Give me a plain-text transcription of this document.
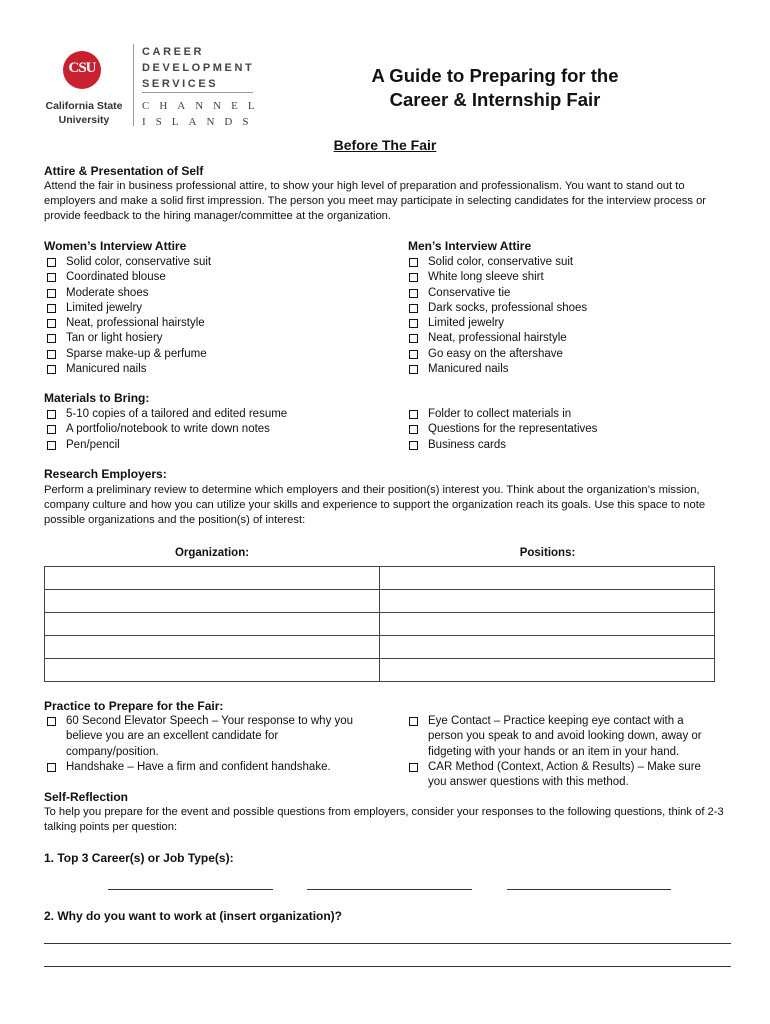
CSU
California State
University
CAREER
DEVELOPMENT
SERVICES
CHANNEL
ISLANDS
A Guide to Preparing for the
Career & Internship Fair
Before The Fair
Attire & Presentation of Self
Attend the fair in business professional attire, to show your high level of preparation and professionalism. You want to stand out to employers and make a solid first impression. The person you meet may participate in selecting candidates for the interview process or provide feedback to the hiring manager/committee at the organization.
Women’s Interview Attire
Solid color, conservative suit
Coordinated blouse
Moderate shoes
Limited jewelry
Neat, professional hairstyle
Tan or light hosiery
Sparse make-up & perfume
Manicured nails
Men’s Interview Attire
Solid color, conservative suit
White long sleeve shirt
Conservative tie
Dark socks, professional shoes
Limited jewelry
Neat, professional hairstyle
Go easy on the aftershave
Manicured nails
Materials to Bring:
5-10 copies of a tailored and edited resume
A portfolio/notebook to write down notes
Pen/pencil
Folder to collect materials in
Questions for the representatives
Business cards
Research Employers:
Perform a preliminary review to determine which employers and their position(s) interest you. Think about the organization’s mission, company culture and how you can utilize your skills and experience to support the organization reach its goals. Use this space to note possible organizations and the position(s) of interest:
Organization:	Positions:

Practice to Prepare for the Fair:
60 Second Elevator Speech – Your response to why you believe you are an excellent candidate for company/position.
Handshake – Have a firm and confident handshake.
Eye Contact – Practice keeping eye contact with a person you speak to and avoid looking down, away or fidgeting with your hands or an item in your hand.
CAR Method (Context, Action & Results) – Make sure you answer questions with this method.
Self-Reflection
To help you prepare for the event and possible questions from employers, consider your responses to the following questions, think of 2-3 talking points per question:
1. Top 3 Career(s) or Job Type(s):
2. Why do you want to work at (insert organization)?
